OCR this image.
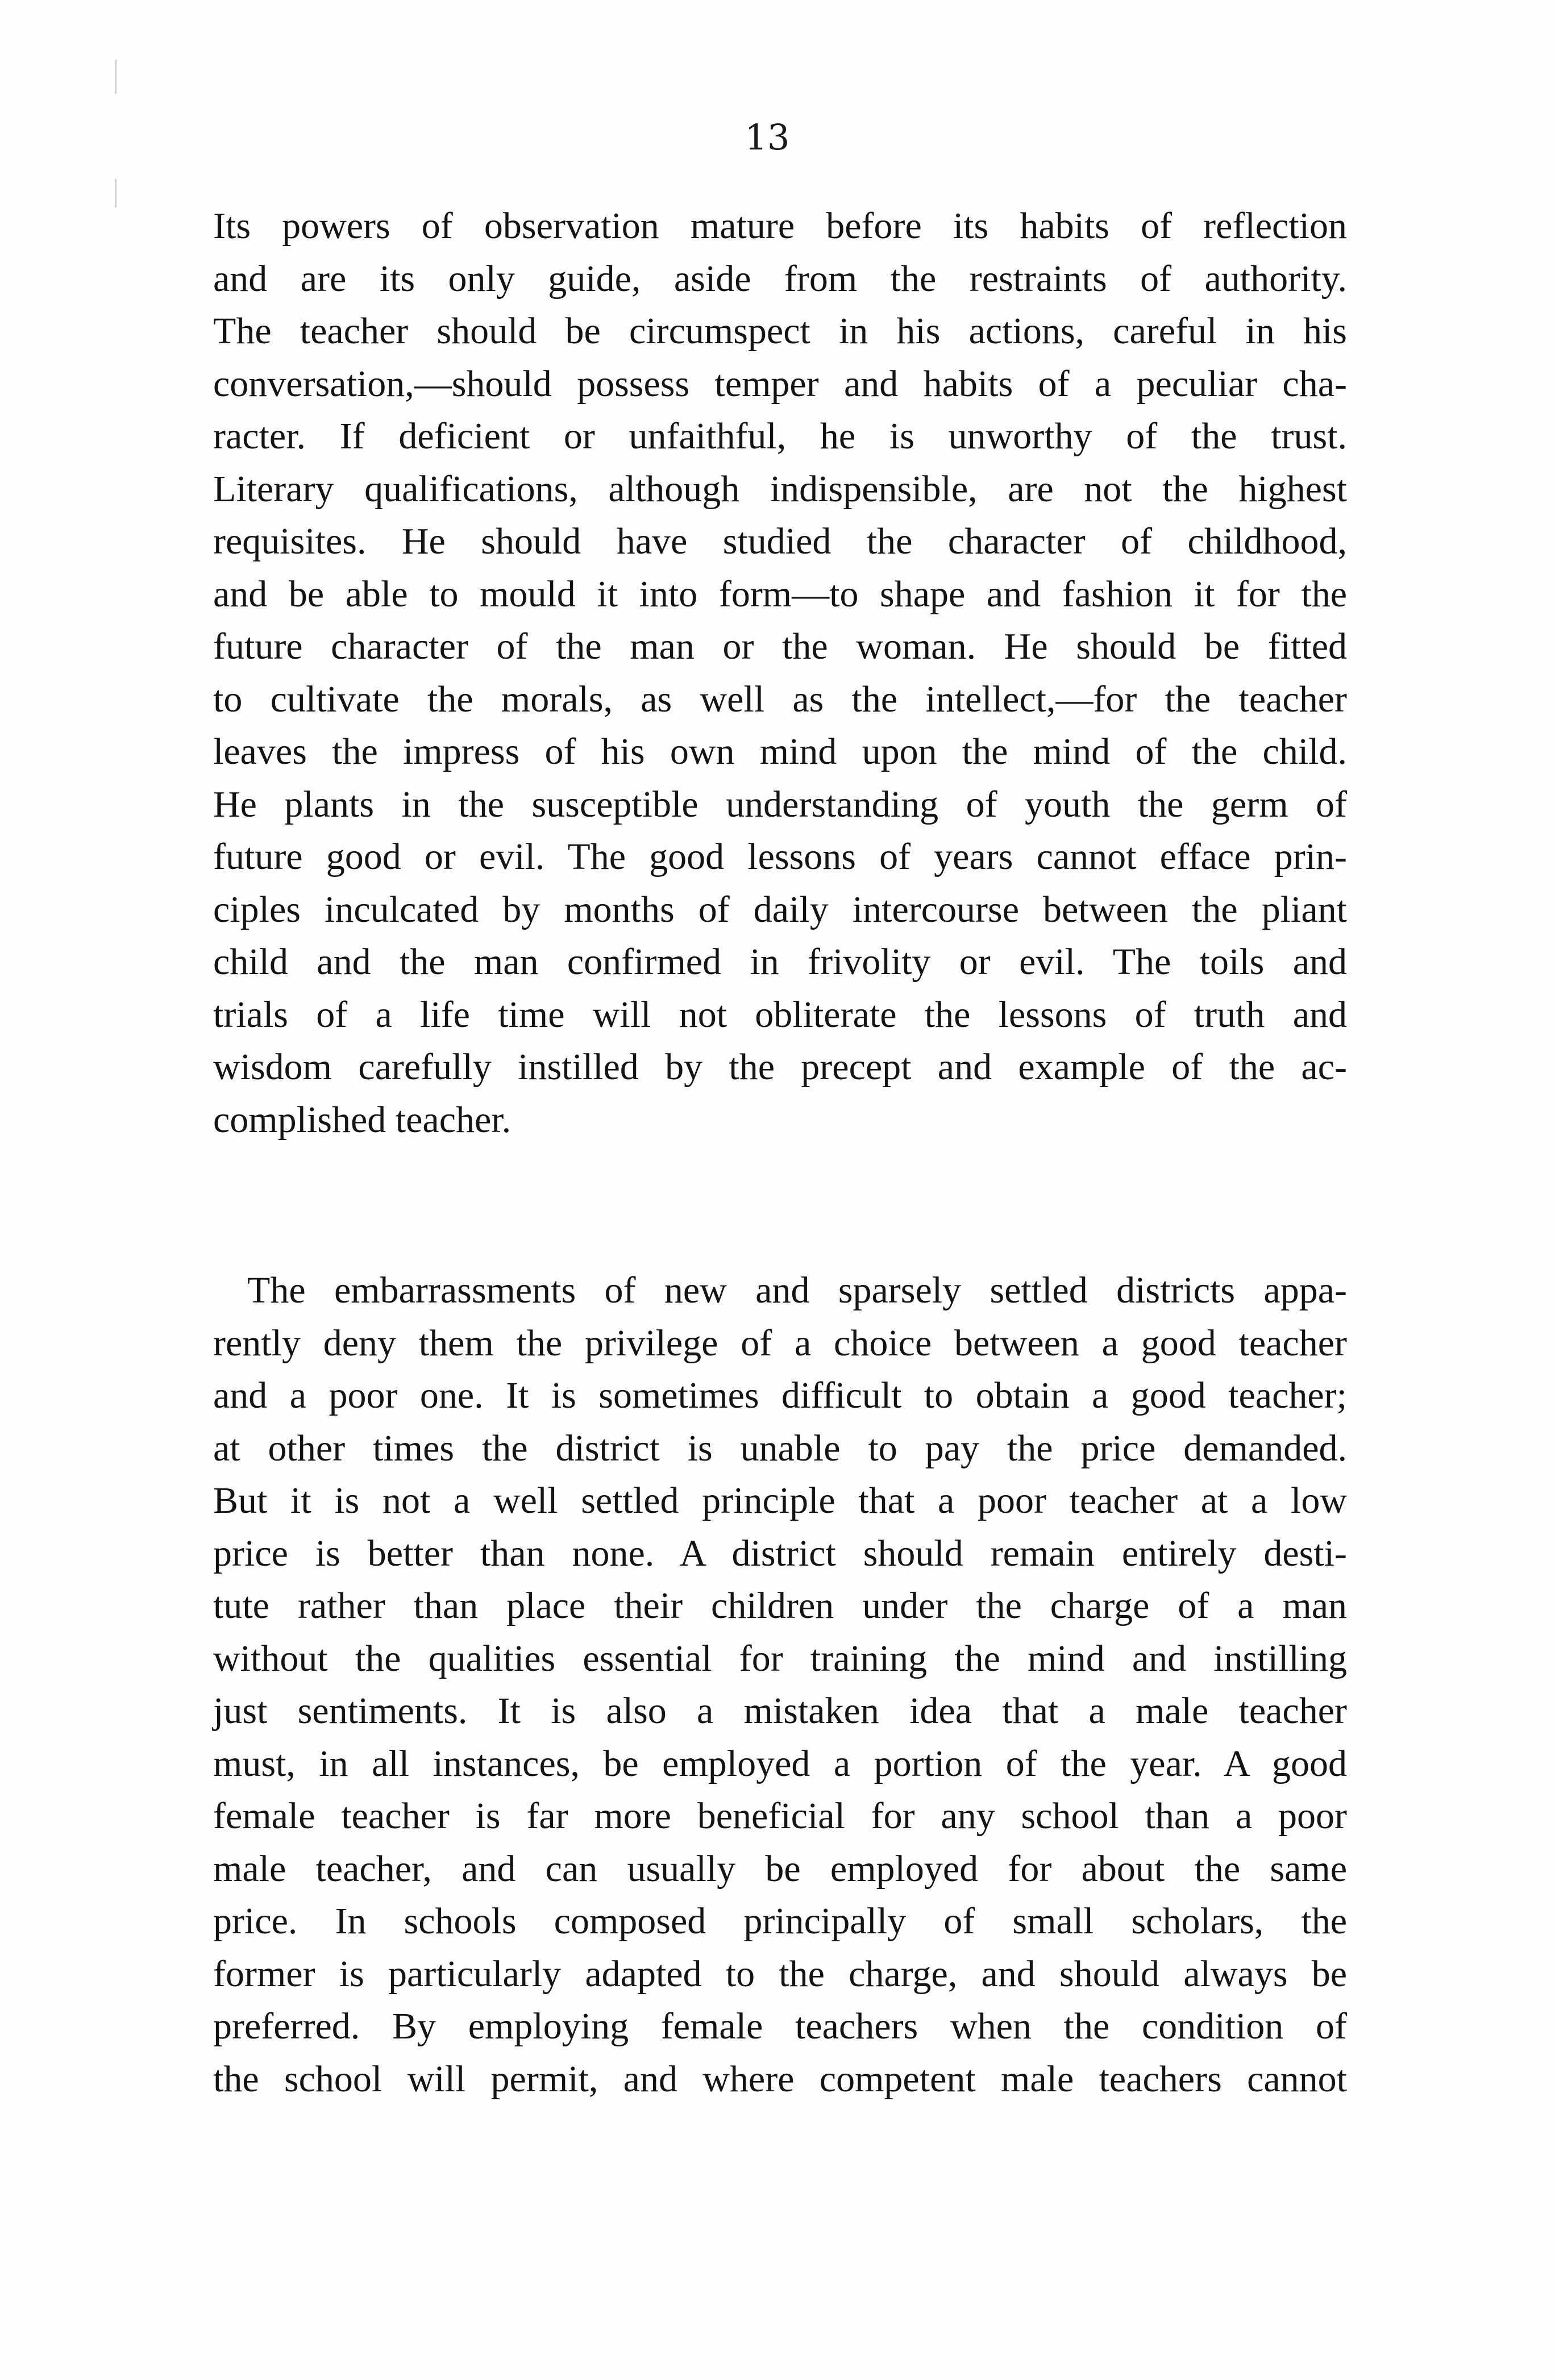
13
Its powers of observation mature before its habits of reflection
and are its only guide, aside from the restraints of authority.
The teacher should be circumspect in his actions, careful in his
conversation,—should possess temper and habits of a peculiar cha-
racter. If deficient or unfaithful, he is unworthy of the trust.
Literary qualifications, although indispensible, are not the highest
requisites. He should have studied the character of childhood,
and be able to mould it into form—to shape and fashion it for the
future character of the man or the woman. He should be fitted
to cultivate the morals, as well as the intellect,—for the teacher
leaves the impress of his own mind upon the mind of the child.
He plants in the susceptible understanding of youth the germ of
future good or evil. The good lessons of years cannot efface prin-
ciples inculcated by months of daily intercourse between the pliant
child and the man confirmed in frivolity or evil. The toils and
trials of a life time will not obliterate the lessons of truth and
wisdom carefully instilled by the precept and example of the ac-
complished teacher.
The embarrassments of new and sparsely settled districts appa-
rently deny them the privilege of a choice between a good teacher
and a poor one. It is sometimes difficult to obtain a good teacher;
at other times the district is unable to pay the price demanded.
But it is not a well settled principle that a poor teacher at a low
price is better than none. A district should remain entirely desti-
tute rather than place their children under the charge of a man
without the qualities essential for training the mind and instilling
just sentiments. It is also a mistaken idea that a male teacher
must, in all instances, be employed a portion of the year. A good
female teacher is far more beneficial for any school than a poor
male teacher, and can usually be employed for about the same
price. In schools composed principally of small scholars, the
former is particularly adapted to the charge, and should always be
preferred. By employing female teachers when the condition of
the school will permit, and where competent male teachers cannot
